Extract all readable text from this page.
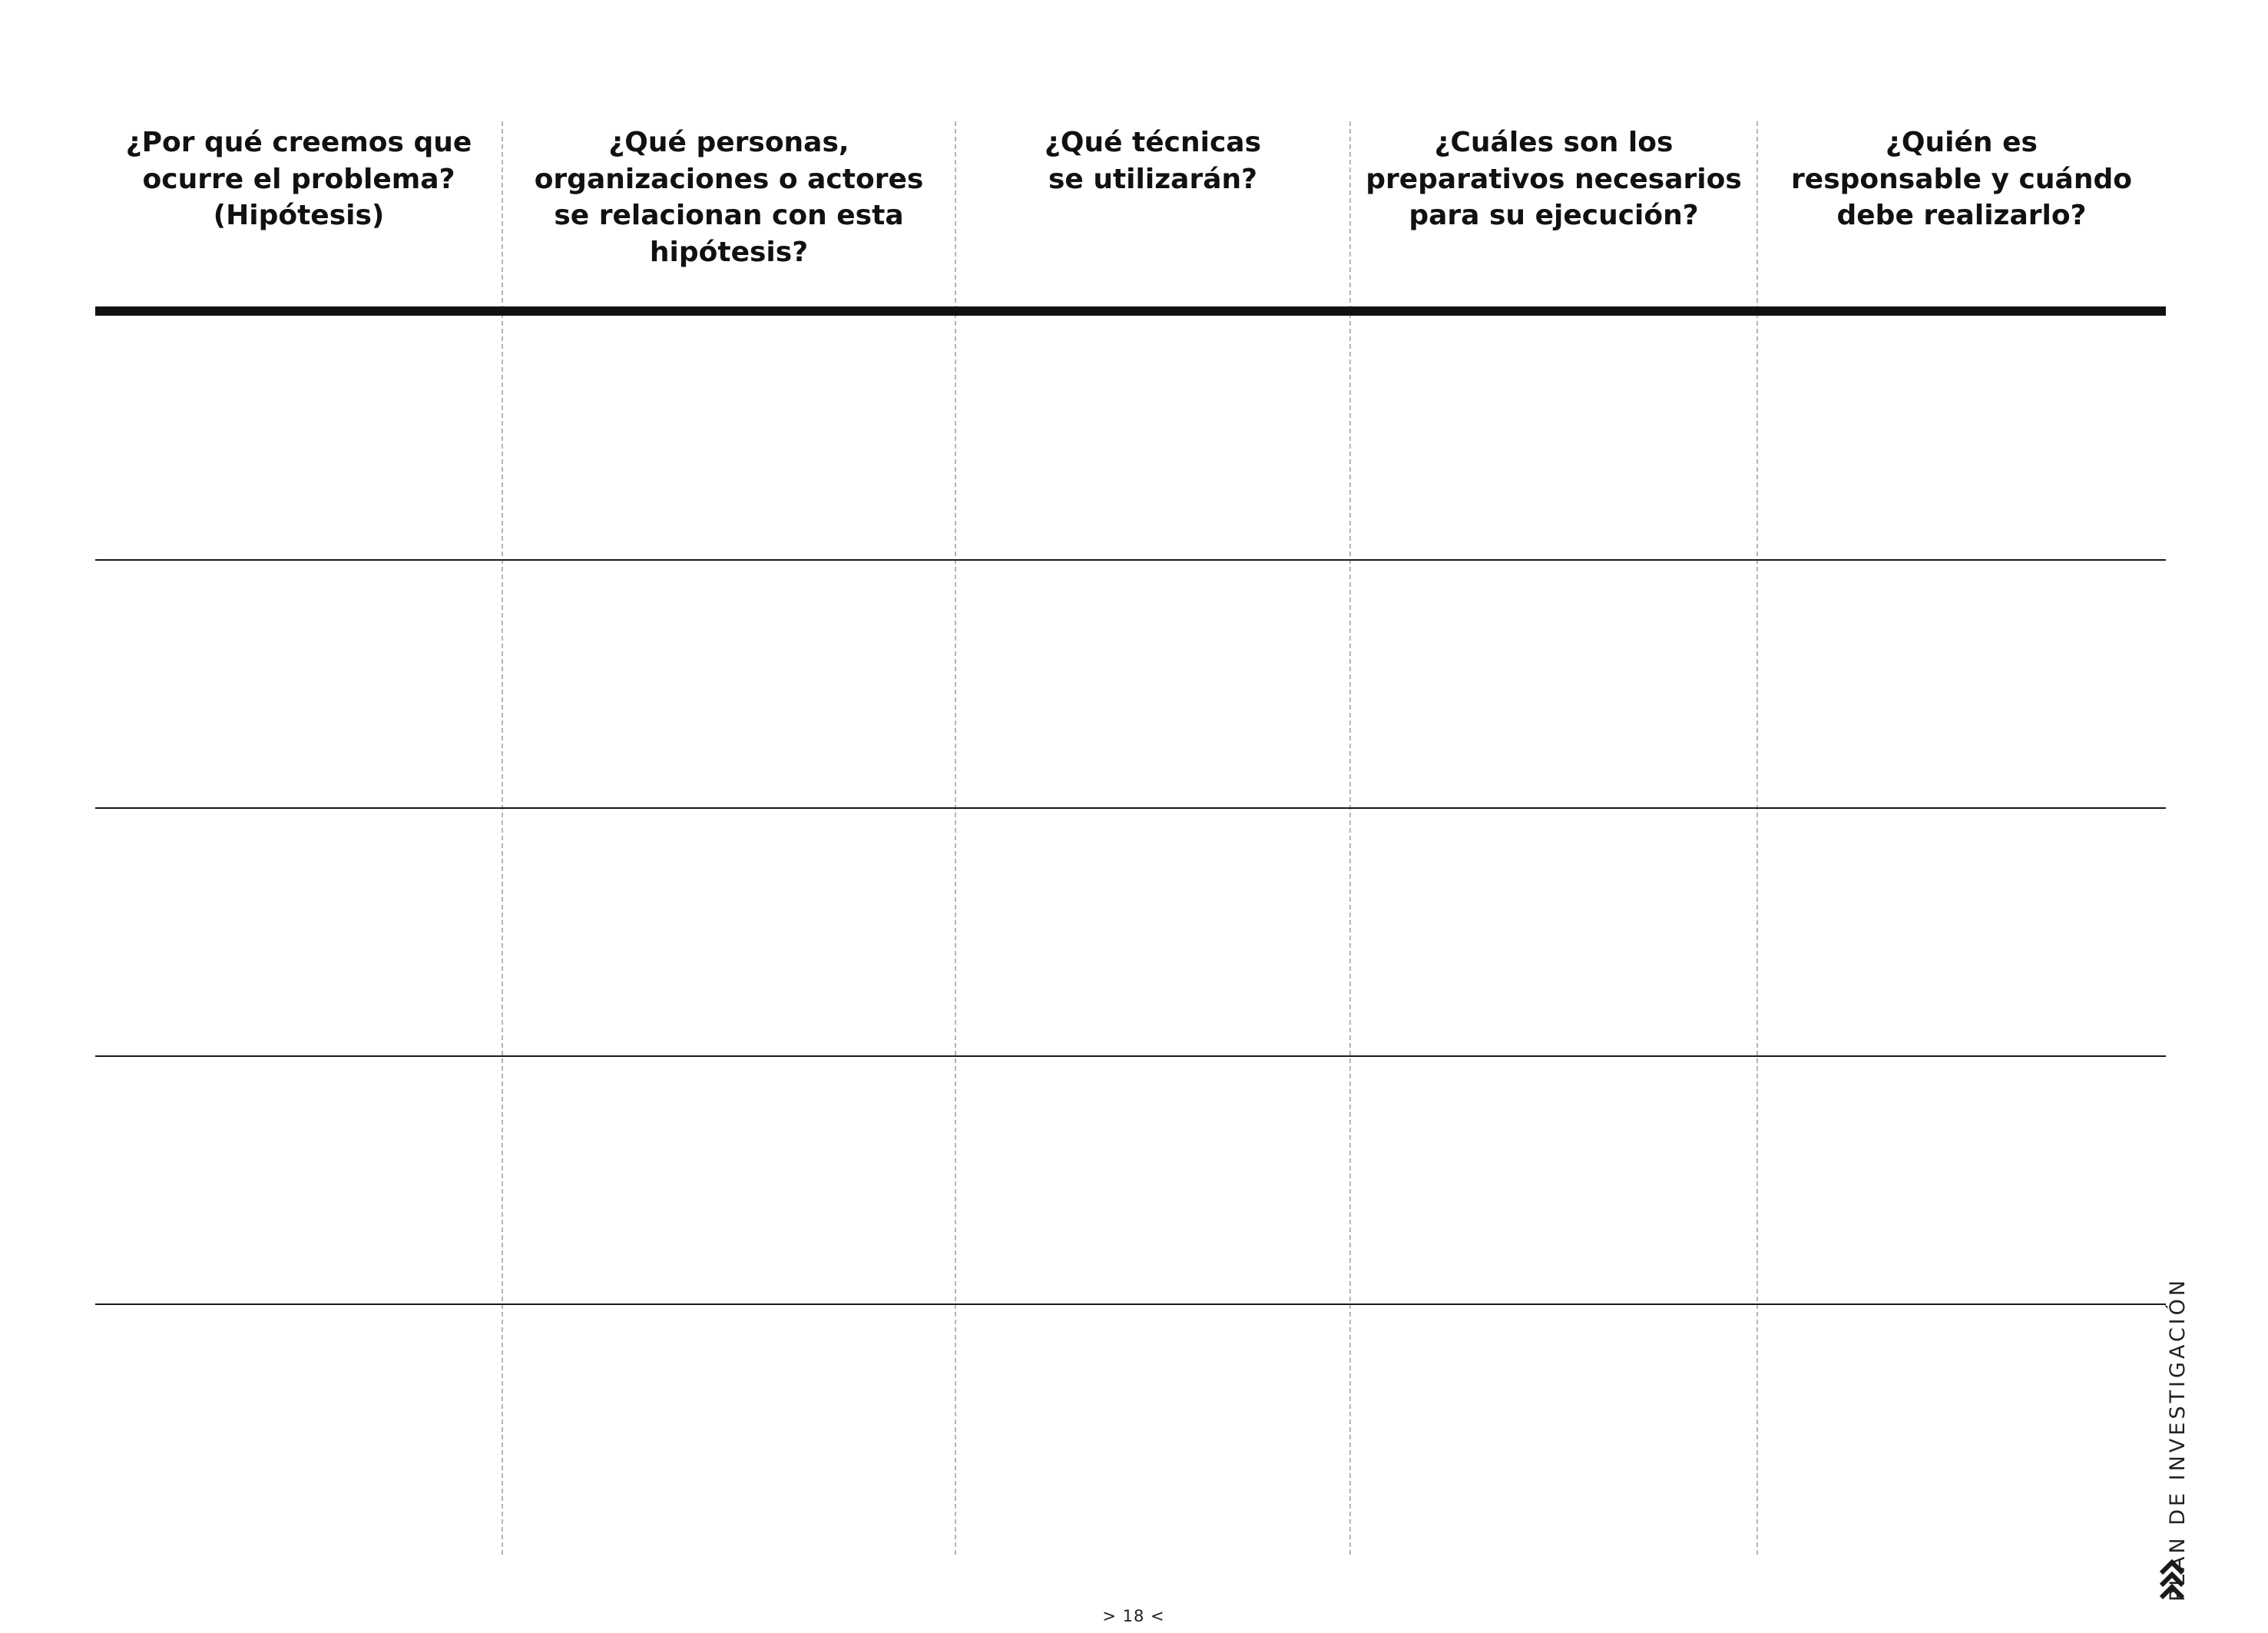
¿Por qué creemos que
ocurre el problema?
(Hipótesis)
¿Qué personas,
organizaciones o actores
se relacionan con esta
hipótesis?
¿Qué técnicas
se utilizarán?
¿Cuáles son los
preparativos necesarios
para su ejecución?
¿Quién es
responsable y cuándo
debe realizarlo?
> 18 <
PLAN DE INVESTIGACIÓN
